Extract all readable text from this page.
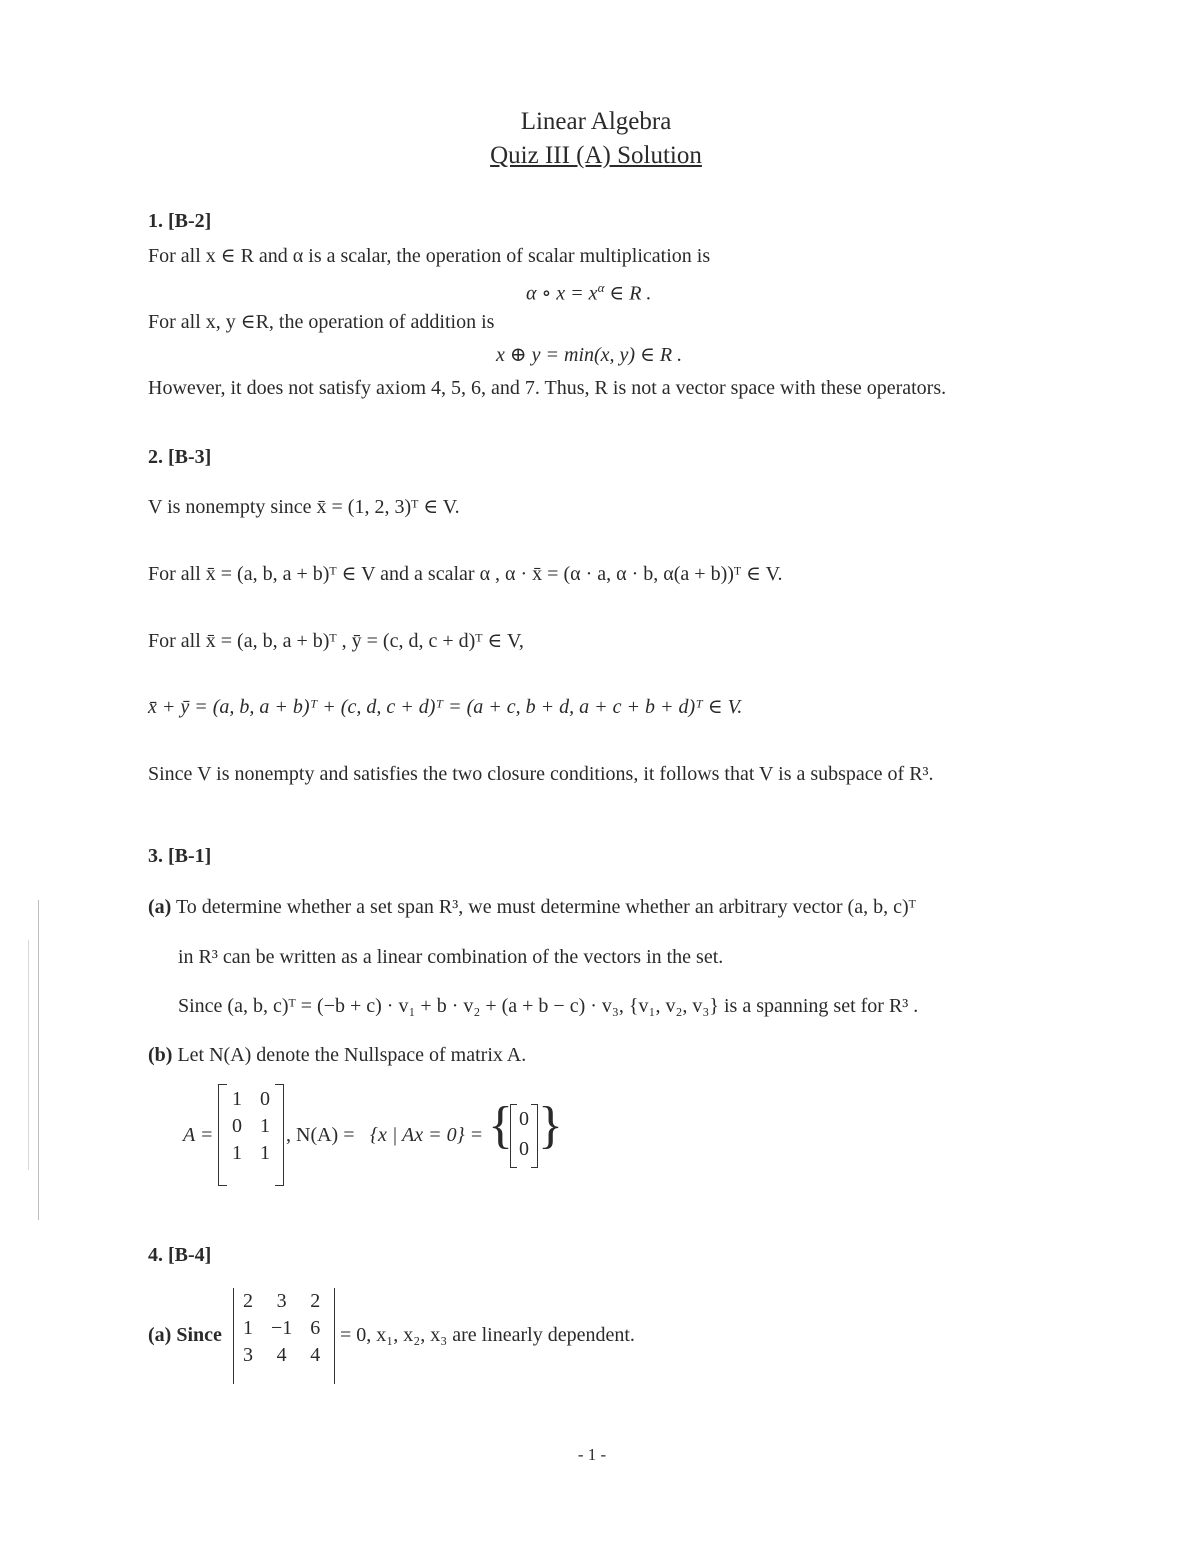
Linear Algebra
Quiz III (A) Solution
1. [B-2]
For all x ∈ R and α is a scalar, the operation of scalar multiplication is
α ∘ $x = x^\alpha$ ∈ R .
For all x, y ∈R, the operation of addition is
x ⊕ y = min(x, y) ∈ R .
However, it does not satisfy axiom 4, 5, 6, and 7. Thus, R is not a vector space with these operators.
2. [B-3]
V is nonempty since x̄ = (1, 2, 3)ᵀ ∈ V.
For all x̄ = (a, b, a + b)ᵀ ∈ V and a scalar α , α · x̄ = (α · a, α · b, α(a + b))ᵀ ∈ V.
For all x̄ = (a, b, a + b)ᵀ , ȳ = (c, d, c + d)ᵀ ∈ V,
x̄ + ȳ = (a, b, a + b)ᵀ + (c, d, c + d)ᵀ = (a + c, b + d, a + c + b + d)ᵀ ∈ V.
Since V is nonempty and satisfies the two closure conditions, it follows that V is a subspace of R³.
3. [B-1]
(a) To determine whether a set span R³, we must determine whether an arbitrary vector (a, b, c)ᵀ
in R³ can be written as a linear combination of the vectors in the set.
Since (a, b, c)ᵀ = (−b + c) · v₁ + b · v₂ + (a + b − c) · v₃, {v₁, v₂, v₃} is a spanning set for R³ .
(b) Let N(A) denote the Nullspace of matrix A.
A =
1	0
0	1
1	1
, N(A) = {x | Ax = 0} = { 0
0 }
4. [B-4]
(a) Since
2	3	2
1	−1	6
3	4	4
= 0, x₁, x₂, x₃ are linearly dependent.
- 1 -
